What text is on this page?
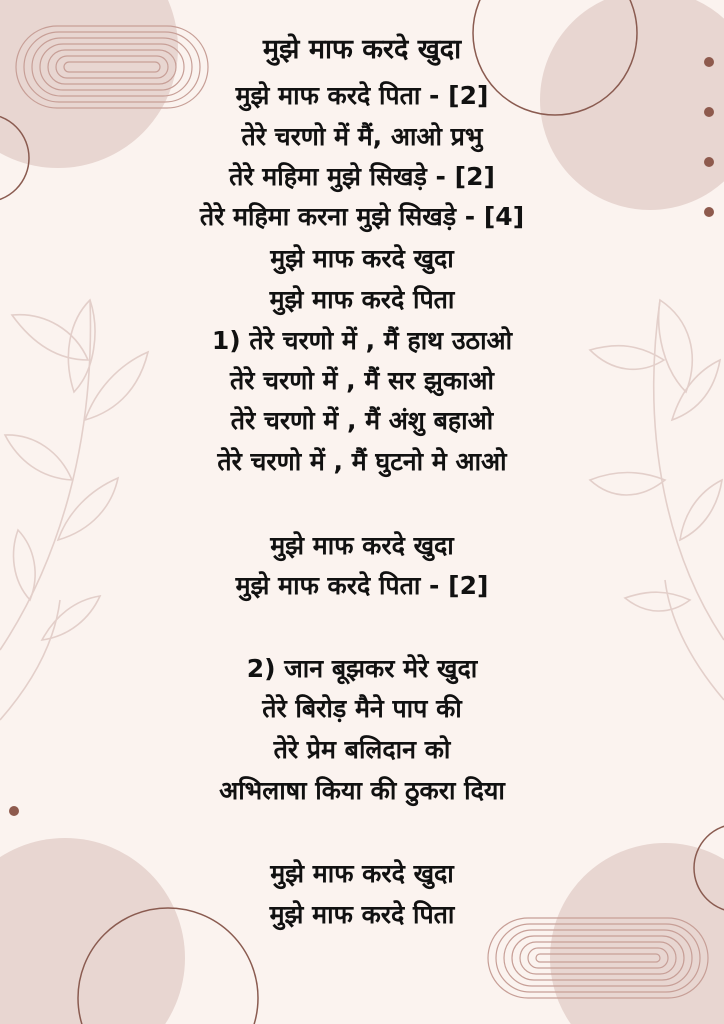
मुझे माफ करदे खुदा
मुझे माफ करदे पिता - [2]
तेरे चरणो में मैं, आओ प्रभु
तेरे महिमा मुझे सिखड़े - [2]
तेरे महिमा करना मुझे सिखड़े - [4]
मुझे माफ करदे खुदा
मुझे माफ करदे पिता
1) तेरे चरणो में , मैं हाथ उठाओ
तेरे चरणो में , मैं सर झुकाओ
तेरे चरणो में , मैं अंशु बहाओ
तेरे चरणो में , मैं घुटनो मे आओ
मुझे माफ करदे खुदा
मुझे माफ करदे पिता - [2]
2) जान बूझकर मेरे खुदा
तेरे बिरोड़ मैने पाप की
तेरे प्रेम बलिदान को
अभिलाषा किया की ठुकरा दिया
मुझे माफ करदे खुदा
मुझे माफ करदे पिता
